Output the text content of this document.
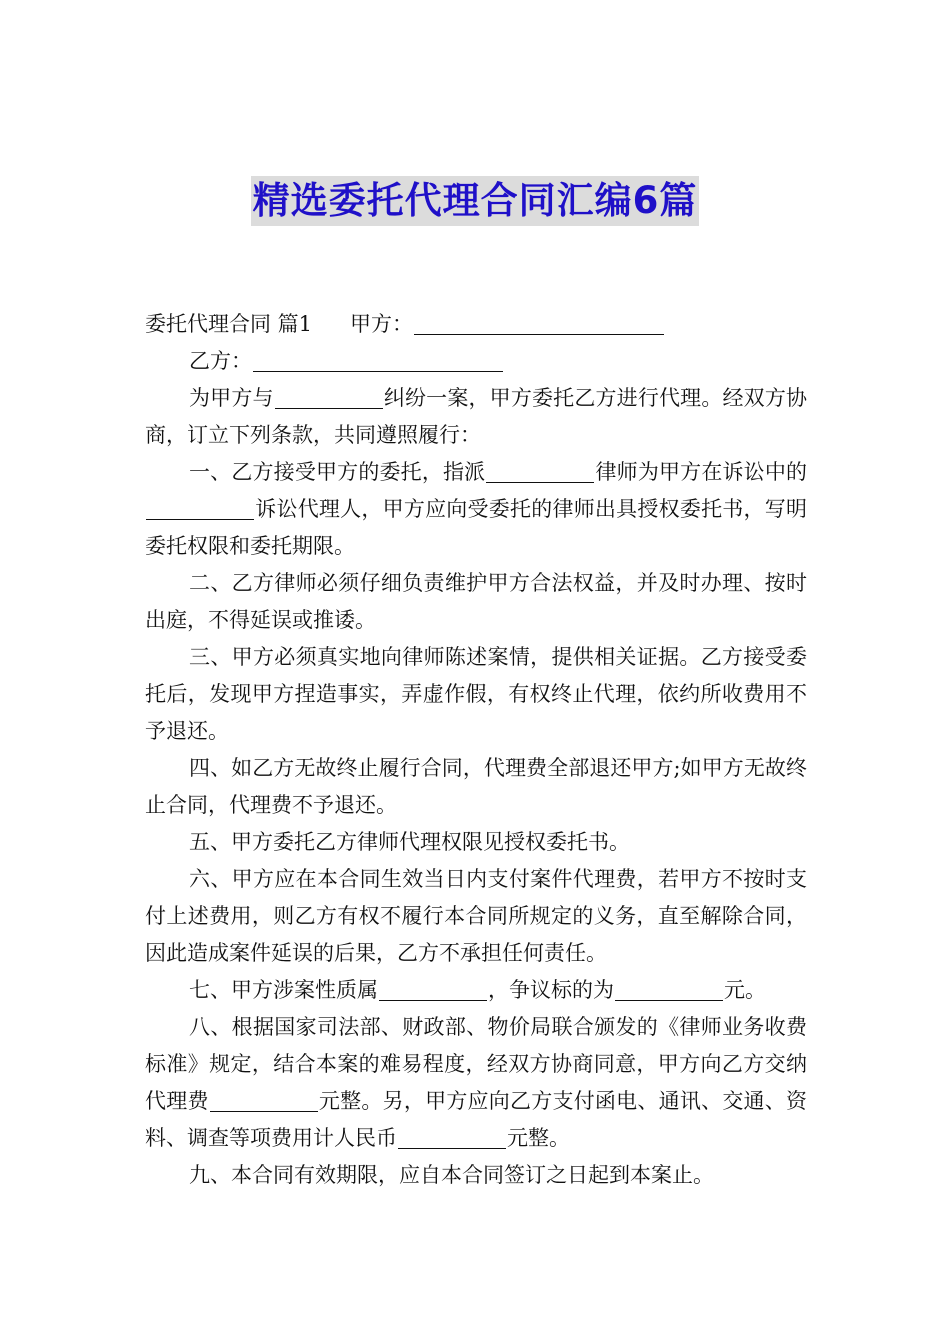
精选委托代理合同汇编6篇

委托代理合同 篇1 甲方：

乙方：

为甲方与	纠纷一案，甲方委托乙方进行代理。经双方协商，订立下列条款，共同遵照履行：

一、乙方接受甲方的委托，指派	律师为甲方在诉讼中的诉讼代理人，甲方应向受委托的律师出具授权委托书，写明委托权限和委托期限。

二、乙方律师必须仔细负责维护甲方合法权益，并及时办理、按时出庭，不得延误或推诿。

三、甲方必须真实地向律师陈述案情，提供相关证据。乙方接受委托后，发现甲方捏造事实，弄虚作假，有权终止代理，依约所收费用不予退还。

四、如乙方无故终止履行合同，代理费全部退还甲方;如甲方无故终止合同，代理费不予退还。

五、甲方委托乙方律师代理权限见授权委托书。

六、甲方应在本合同生效当日内支付案件代理费，若甲方不按时支付上述费用，则乙方有权不履行本合同所规定的义务，直至解除合同，因此造成案件延误的后果，乙方不承担任何责任。

七、甲方涉案性质属	，争议标的为	元。

八、根据国家司法部、财政部、物价局联合颁发的《律师业务收费标准》规定，结合本案的难易程度，经双方协商同意，甲方向乙方交纳代理费	元整。另，甲方应向乙方支付函电、通讯、交通、资料、调查等项费用计人民币	元整。

九、本合同有效期限，应自本合同签订之日起到本案止。
